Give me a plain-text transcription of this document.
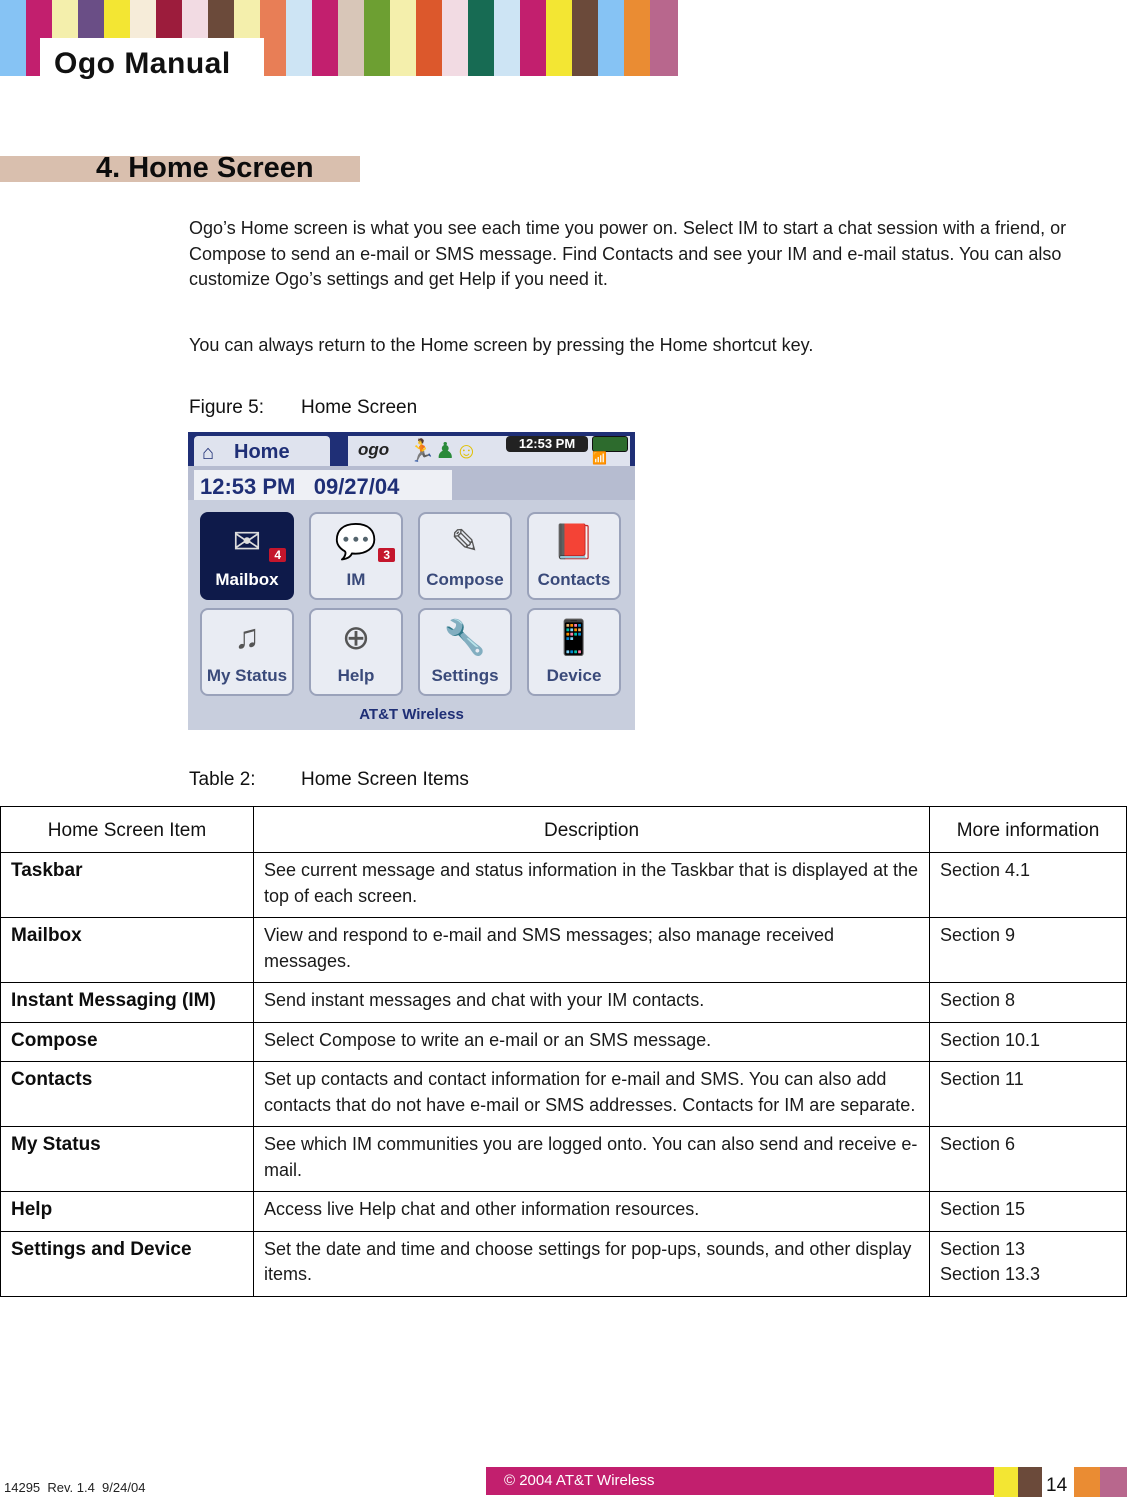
Ogo Manual
4. Home Screen
Ogo’s Home screen is what you see each time you power on. Select IM to start a chat session with a friend, or Compose to send an e-mail or SMS message. Find Contacts and see your IM and e-mail status. You can also customize Ogo’s settings and get Help if you need it.
You can always return to the Home screen by pressing the Home shortcut key.
Figure 5: Home Screen
⌂ Home	ogo 🏃♟☺	12:53 PM
📶
12:53 PM   09/27/04
✉	4
Mailbox
💬 3
IM
✎
Compose
📕
Contacts
♫
My Status
⊕
Help
🔧
Settings
📱
Device
AT&T Wireless
Table 2: Home Screen Items
Home Screen Item	Description	More information
Taskbar	See current message and status information in the Taskbar that is displayed at the top of each screen.	Section 4.1
Mailbox	View and respond to e-mail and SMS messages; also manage received messages.	Section 9
Instant Messaging (IM)	Send instant messages and chat with your IM contacts.	Section 8
Compose	Select Compose to write an e-mail or an SMS message.	Section 10.1
Contacts	Set up contacts and contact information for e-mail and SMS. You can also add contacts that do not have e-mail or SMS addresses. Contacts for IM are separate.	Section 11
My Status	See which IM communities you are logged onto. You can also send and receive e-mail.	Section 6
Help	Access live Help chat and other information resources.	Section 15
Settings and Device	Set the date and time and choose settings for pop-ups, sounds, and other display items.	Section 13
Section 13.3
14295  Rev. 1.4  9/24/04	© 2004 AT&T Wireless	14
